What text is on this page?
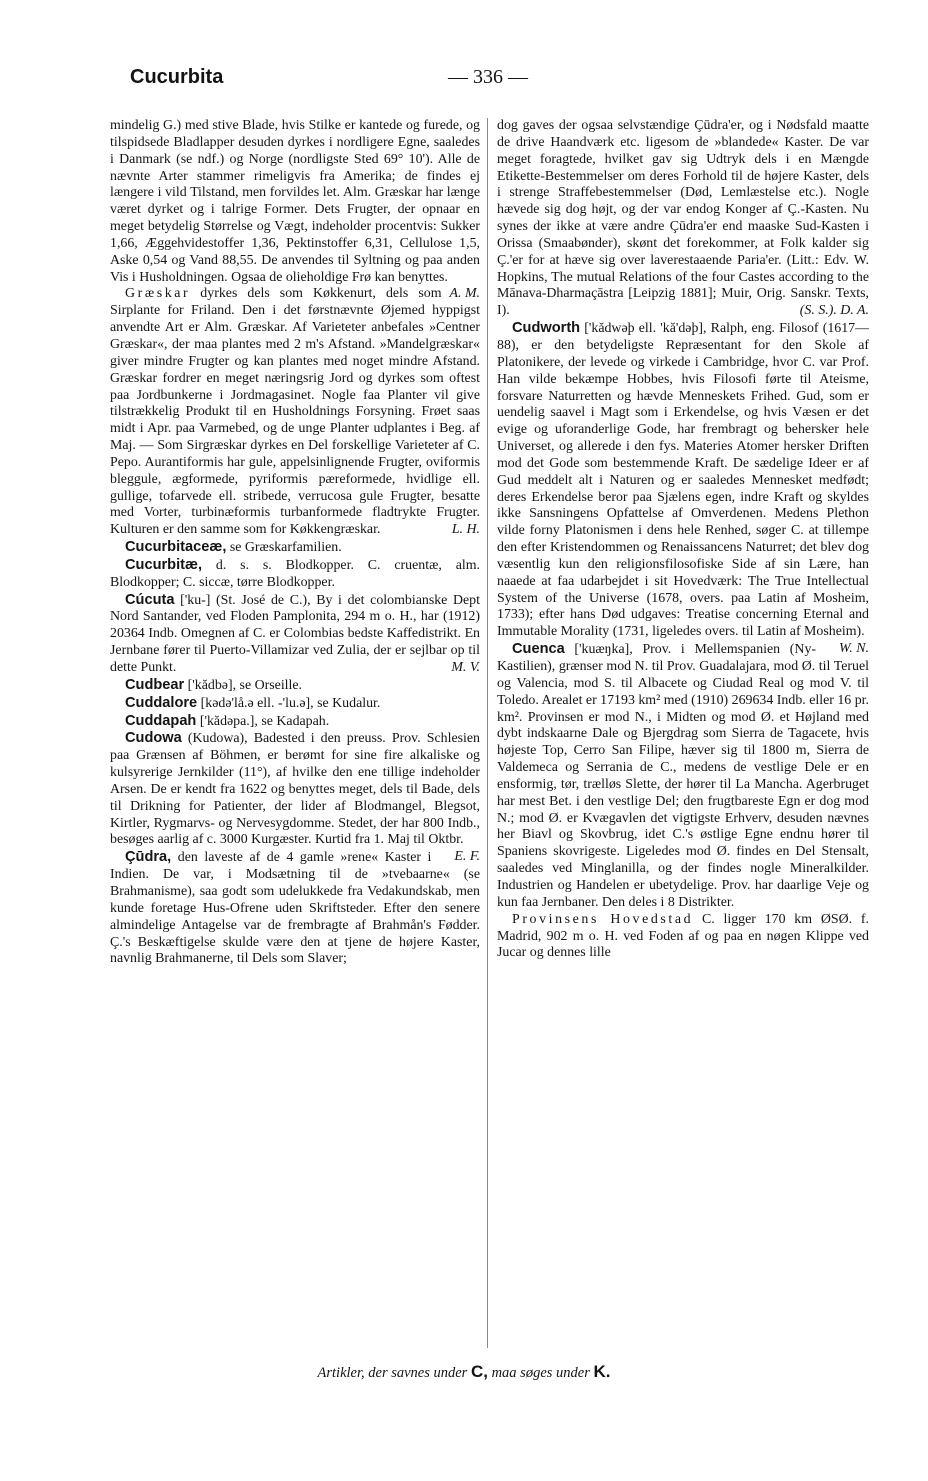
Cucurbita	— 336 —

mindelig G.) med stive Blade, hvis Stilke er kantede og furede, og tilspidsede Bladlapper desuden dyrkes i nordligere Egne, saaledes i Danmark (se ndf.) og Norge (nordligste Sted 69° 10'). Alle de nævnte Arter stammer rimeligvis fra Amerika; de findes ej længere i vild Tilstand, men forvildes let. Alm. Græskar har længe været dyrket og i talrige Former. Dets Frugter, der opnaar en meget betydelig Størrelse og Vægt, indeholder procentvis: Sukker 1,66, Æggehvidestoffer 1,36, Pektinstoffer 6,31, Cellulose 1,5, Aske 0,54 og Vand 88,55. De anvendes til Syltning og paa anden Vis i Husholdningen. Ogsaa de olieholdige Frø kan benyttes.
A. M.

Græskar dyrkes dels som Køkkenurt, dels som Sirplante for Friland. Den i det førstnævnte Øjemed hyppigst anvendte Art er Alm. Græskar. Af Varieteter anbefales »Centner Græskar«, der maa plantes med 2 m's Afstand. »Mandelgræskar« giver mindre Frugter og kan plantes med noget mindre Afstand. Græskar fordrer en meget næringsrig Jord og dyrkes som oftest paa Jordbunkerne i Jordmagasinet. Nogle faa Planter vil give tilstrækkelig Produkt til en Husholdnings Forsyning. Frøet saas midt i Apr. paa Varmebed, og de unge Planter udplantes i Beg. af Maj. — Som Sirgræskar dyrkes en Del forskellige Varieteter af C. Pepo. Aurantiformis har gule, appelsinlignende Frugter, oviformis bleggule, ægformede, pyriformis pæreformede, hvidlige ell. gullige, tofarvede ell. stribede, verrucosa gule Frugter, besatte med Vorter, turbinæformis turbanformede fladtrykte Frugter. Kulturen er den samme som for Køkkengræskar.	L. H.

Cucurbitaceæ, se Græskarfamilien.

Cucurbitæ, d. s. s. Blodkopper. C. cruentæ, alm. Blodkopper; C. siccæ, tørre Blodkopper.

Cúcuta ['ku-] (St. José de C.), By i det colombianske Dept Nord Santander, ved Floden Pamplonita, 294 m o. H., har (1912) 20364 Indb. Omegnen af C. er Colombias bedste Kaffedistrikt. En Jernbane fører til Puerto-Villamizar ved Zulia, der er sejlbar op til dette Punkt.	M. V.

Cudbear ['kădbə], se Orseille.

Cuddalore [kədə'lå.ə ell. -'lu.ə], se Kudalur.

Cuddapah ['kădəpa.], se Kadapah.

Cudowa (Kudowa), Badested i den preuss. Prov. Schlesien paa Grænsen af Böhmen, er berømt for sine fire alkaliske og kulsyrerige Jernkilder (11°), af hvilke den ene tillige indeholder Arsen. De er kendt fra 1622 og benyttes meget, dels til Bade, dels til Drikning for Patienter, der lider af Blodmangel, Blegsot, Kirtler, Rygmarvs- og Nervesygdomme. Stedet, der har 800 Indb., besøges aarlig af c. 3000 Kurgæster. Kurtid fra 1. Maj til Oktbr.
E. F.

Çūdra, den laveste af de 4 gamle »rene« Kaster i Indien. De var, i Modsætning til de »tvebaarne« (se Brahmanisme), saa godt som udelukkede fra Vedakundskab, men kunde foretage Hus-Ofrene uden Skriftsteder. Efter den senere almindelige Antagelse var de frembragte af Brahmån's Fødder. Ç.'s Beskæftigelse skulde være den at tjene de højere Kaster, navnlig Brahmanerne, til Dels som Slaver;

dog gaves der ogsaa selvstændige Çūdra'er, og i Nødsfald maatte de drive Haandværk etc. ligesom de »blandede« Kaster. De var meget foragtede, hvilket gav sig Udtryk dels i en Mængde Etikette-Bestemmelser om deres Forhold til de højere Kaster, dels i strenge Straffebestemmelser (Død, Lemlæstelse etc.). Nogle hævede sig dog højt, og der var endog Konger af Ç.-Kasten. Nu synes der ikke at være andre Çūdra'er end maaske Sud-Kasten i Orissa (Smaabønder), skønt det forekommer, at Folk kalder sig Ç.'er for at hæve sig over laverestaaende Paria'er. (Litt.: Edv. W. Hopkins, The mutual Relations of the four Castes according to the Mānava-Dharmaçāstra [Leipzig 1881]; Muir, Orig. Sanskr. Texts, I).	(S. S.). D. A.

Cudworth ['kădwəþ ell. 'kă'dəþ], Ralph, eng. Filosof (1617—88), er den betydeligste Repræsentant for den Skole af Platonikere, der levede og virkede i Cambridge, hvor C. var Prof. Han vilde bekæmpe Hobbes, hvis Filosofi førte til Ateisme, forsvare Naturretten og hævde Menneskets Frihed. Gud, som er uendelig saavel i Magt som i Erkendelse, og hvis Væsen er det evige og uforanderlige Gode, har frembragt og behersker hele Universet, og allerede i den fys. Materies Atomer hersker Driften mod det Gode som bestemmende Kraft. De sædelige Ideer er af Gud meddelt alt i Naturen og er saaledes Mennesket medfødt; deres Erkendelse beror paa Sjælens egen, indre Kraft og skyldes ikke Sansningens Opfattelse af Omverdenen. Medens Plethon vilde forny Platonismen i dens hele Renhed, søger C. at tillempe den efter Kristendommen og Renaissancens Naturret; det blev dog væsentlig kun den religionsfilosofiske Side af sin Lære, han naaede at faa udarbejdet i sit Hovedværk: The True Intellectual System of the Universe (1678, overs. paa Latin af Mosheim, 1733); efter hans Død udgaves: Treatise concerning Eternal and Immutable Morality (1731, ligeledes overs. til Latin af Mosheim).
W. N.

Cuenca ['kuæŋka], Prov. i Mellemspanien (Ny-Kastilien), grænser mod N. til Prov. Guadalajara, mod Ø. til Teruel og Valencia, mod S. til Albacete og Ciudad Real og mod V. til Toledo. Arealet er 17193 km² med (1910) 269634 Indb. eller 16 pr. km². Provinsen er mod N., i Midten og mod Ø. et Højland med dybt indskaarne Dale og Bjergdrag som Sierra de Tagacete, hvis højeste Top, Cerro San Filipe, hæver sig til 1800 m, Sierra de Valdemeca og Serrania de C., medens de vestlige Dele er en ensformig, tør, trælløs Slette, der hører til La Mancha. Agerbruget har mest Bet. i den vestlige Del; den frugtbareste Egn er dog mod N.; mod Ø. er Kvægavlen det vigtigste Erhverv, desuden nævnes her Biavl og Skovbrug, idet C.'s østlige Egne endnu hører til Spaniens skovrigeste. Ligeledes mod Ø. findes en Del Stensalt, saaledes ved Minglanilla, og der findes nogle Mineralkilder. Industrien og Handelen er ubetydelige. Prov. har daarlige Veje og kun faa Jernbaner. Den deles i 8 Distrikter.

Provinsens Hovedstad C. ligger 170 km ØSØ. f. Madrid, 902 m o. H. ved Foden af og paa en nøgen Klippe ved Jucar og dennes lille

Artikler, der savnes under C, maa søges under K.
